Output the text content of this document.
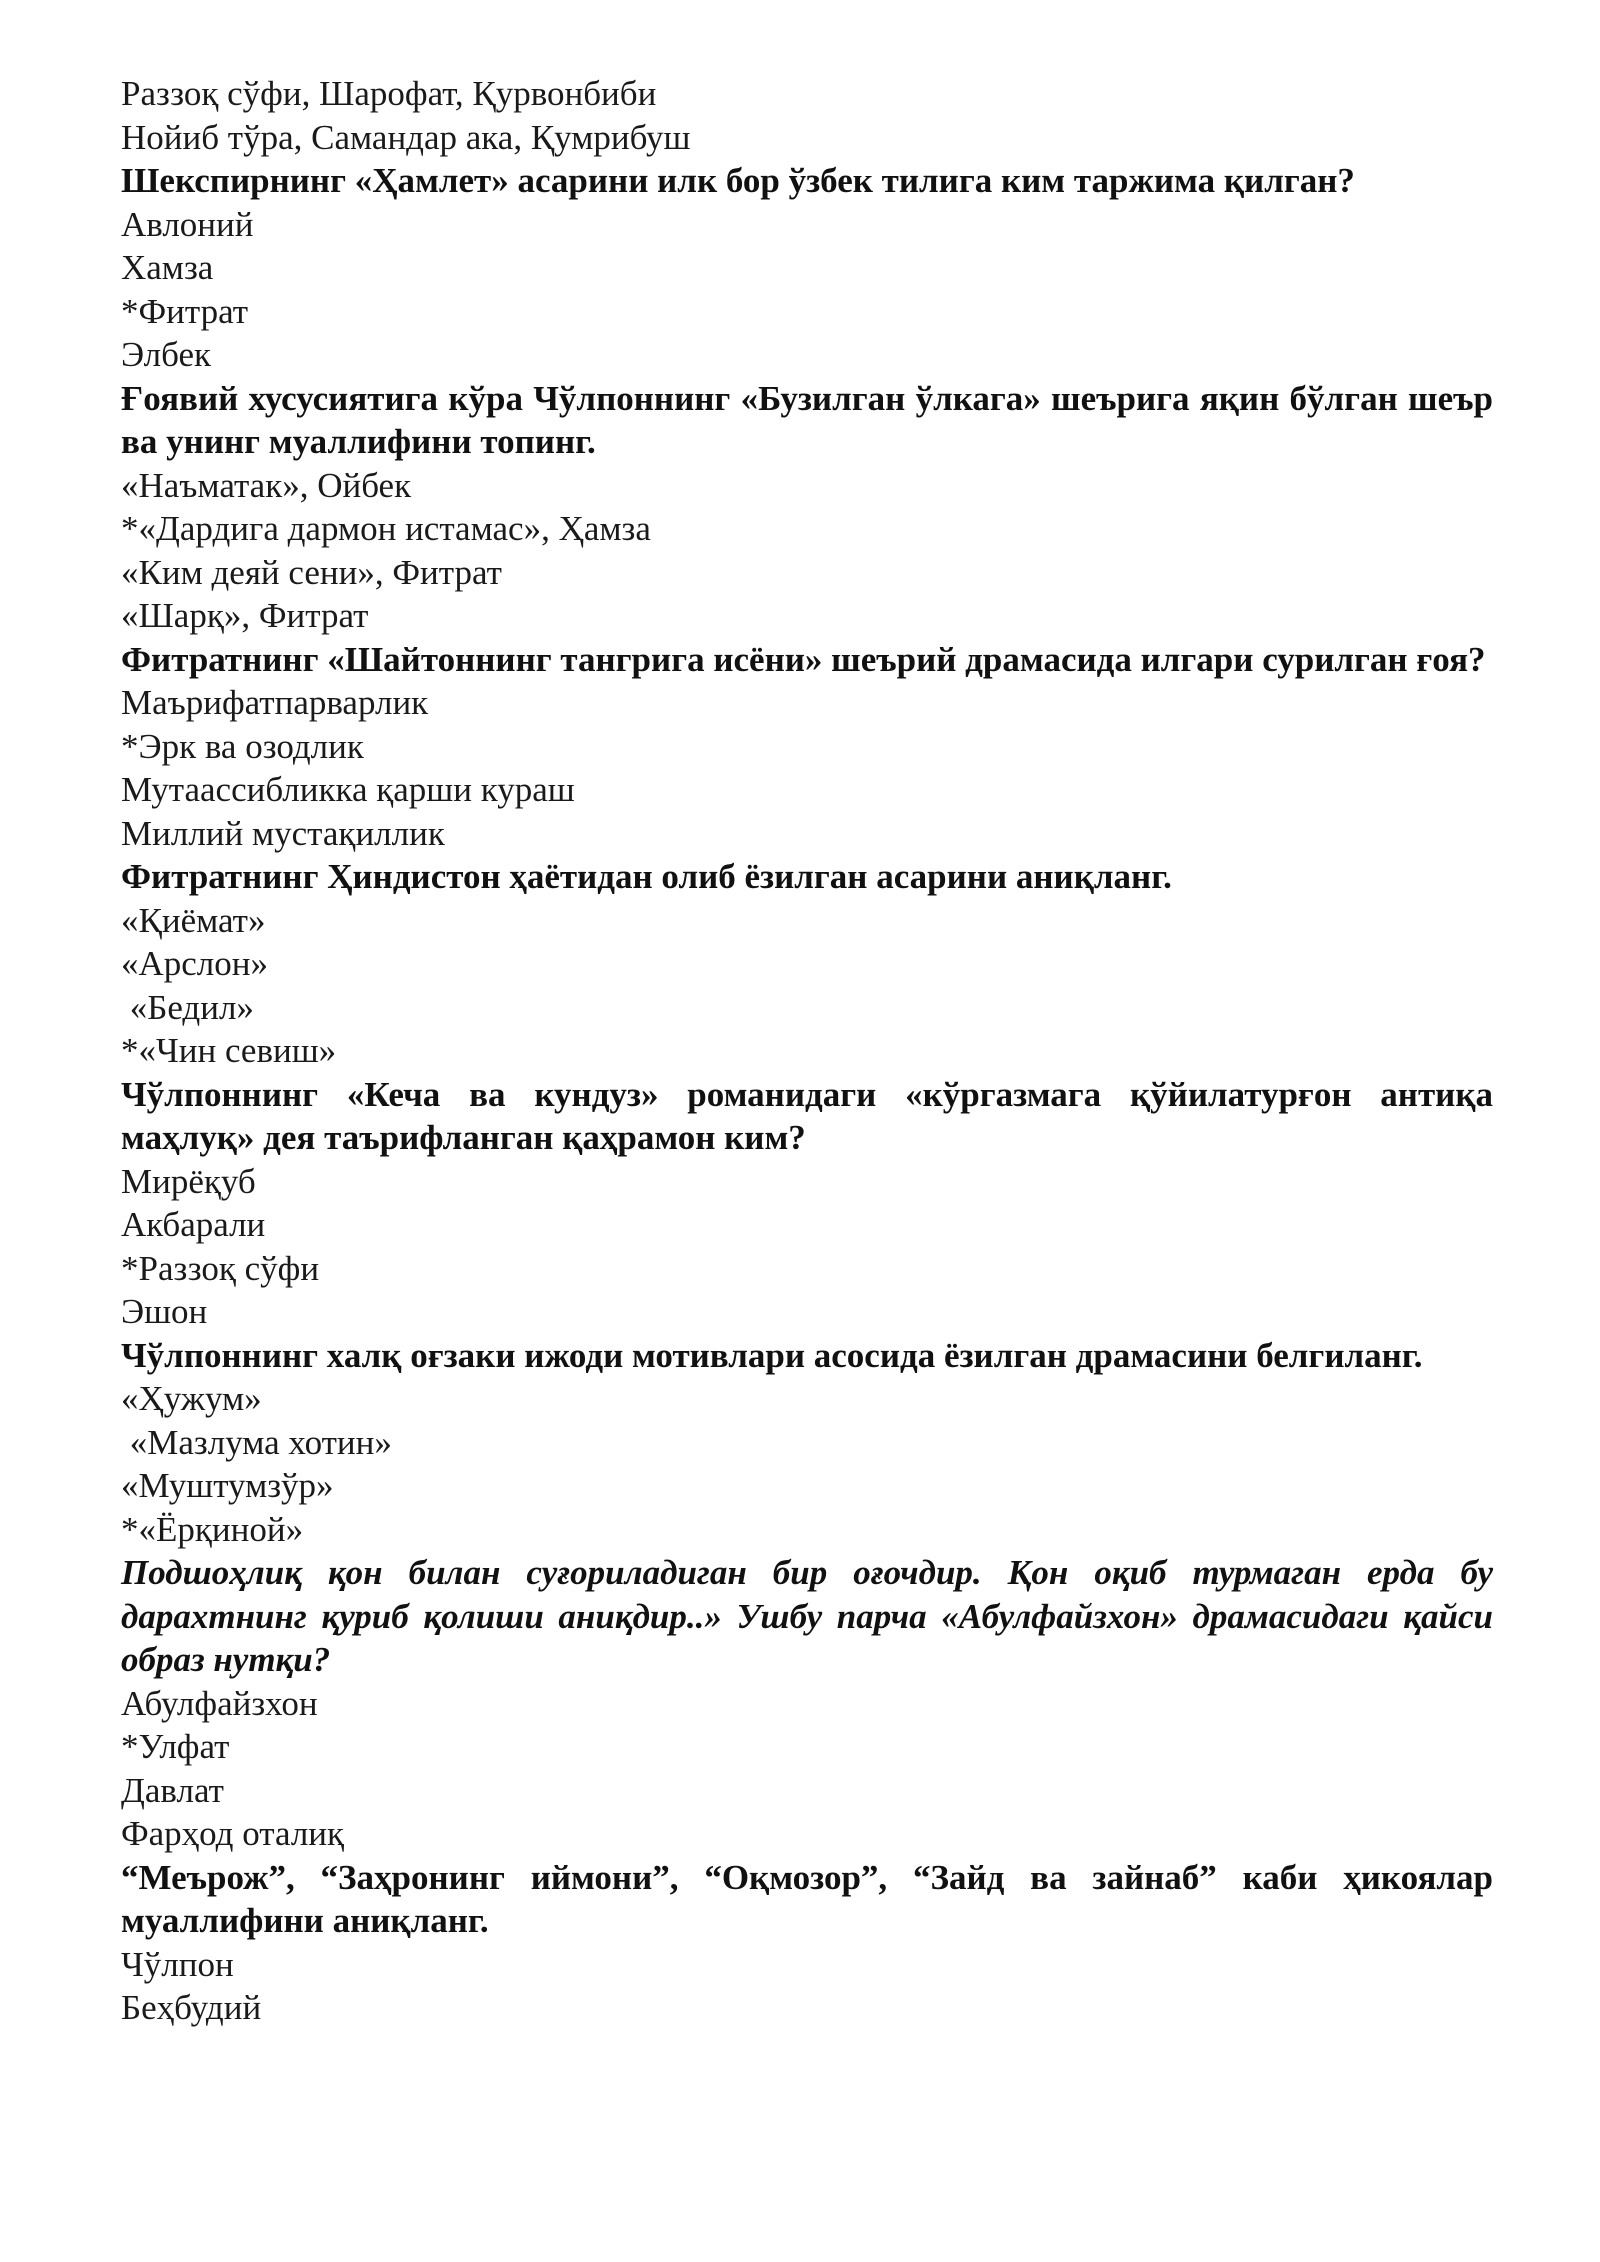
Раззоқ сўфи, Шарофат, Қурвонбиби
Нойиб тўра, Самандар ака, Қумрибуш
Шекспирнинг «Ҳамлет» асарини илк бор ўзбек тилига ким таржима қилган?
Авлоний
Хамза
*Фитрат
Элбек
Ғоявий хусусиятига кўра Чўлпоннинг «Бузилган ўлкага» шеърига яқин бўлган шеър ва унинг муаллифини топинг.
«Наъматак», Ойбек
*«Дардига дармон истамас», Ҳамза
«Ким деяй сени», Фитрат
«Шарқ», Фитрат
Фитратнинг «Шайтоннинг тангрига исёни» шеърий драмасида илгари сурилган ғоя?
Маърифатпарварлик
*Эрк ва озодлик
Мутаассибликка қарши кураш
Миллий мустақиллик
Фитратнинг Ҳиндистон ҳаётидан олиб ёзилган асарини аниқланг.
«Қиёмат»
«Арслон»
«Бедил»
*«Чин севиш»
Чўлпоннинг «Кеча ва кундуз» романидаги «кўргазмага қўйилатурғон антиқа маҳлуқ» дея таърифланган қаҳрамон ким?
Мирёқуб
Акбарали
*Раззоқ сўфи
Эшон
Чўлпоннинг халқ оғзаки ижоди мотивлари асосида ёзилган драмасини белгиланг.
«Ҳужум»
«Мазлума хотин»
«Муштумзўр»
*«Ёрқиной»
Подшоҳлиқ қон билан суғориладиган бир оғочдир. Қон оқиб турмаган ерда бу дарахтнинг қуриб қолиши аниқдир..» Ушбу парча «Абулфайзхон» драмасидаги қайси образ нутқи?
Абулфайзхон
*Улфат
Давлат
Фарҳод оталиқ
“Меърож”, “Заҳронинг иймони”, “Оқмозор”, “Зайд ва зайнаб” каби ҳикоялар муаллифини аниқланг.
Чўлпон
Беҳбудий
